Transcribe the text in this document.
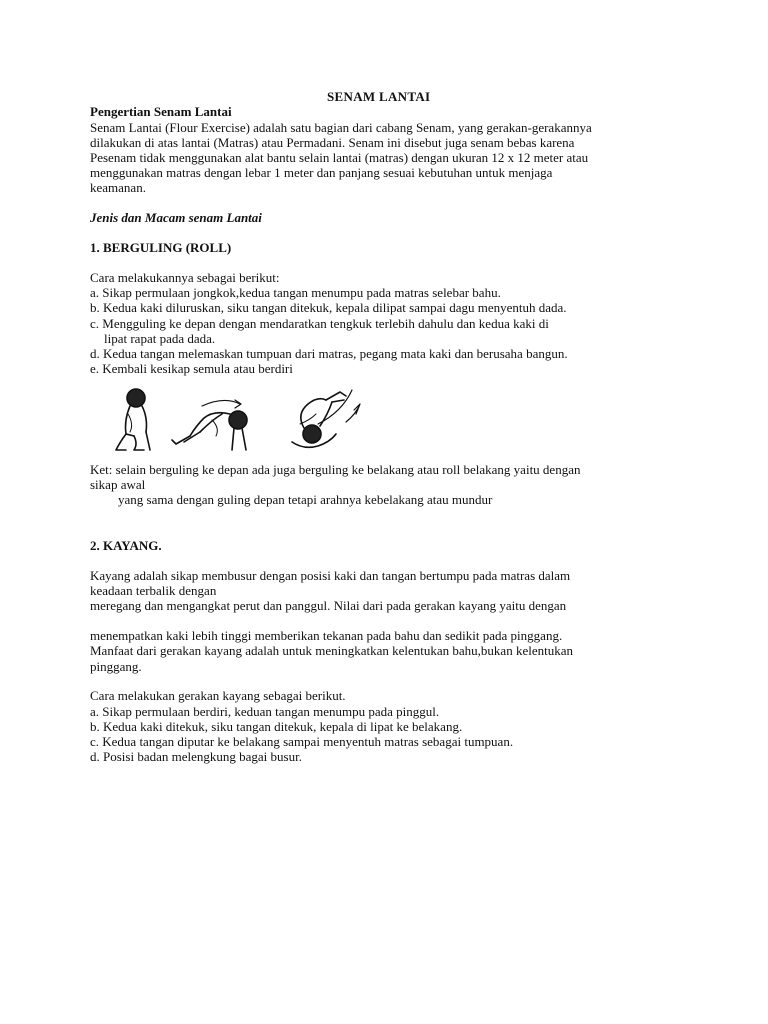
SENAM LANTAI
Pengertian Senam Lantai
Senam Lantai (Flour Exercise) adalah satu bagian dari cabang Senam, yang gerakan-gerakannya
dilakukan di atas lantai (Matras) atau Permadani. Senam ini disebut juga senam bebas karena
Pesenam tidak menggunakan alat bantu selain lantai (matras) dengan ukuran 12 x 12 meter atau
menggunakan matras dengan lebar 1 meter dan panjang sesuai kebutuhan untuk menjaga
keamanan.
Jenis dan Macam senam Lantai
1. BERGULING (ROLL)
Cara melakukannya sebagai berikut:
a. Sikap permulaan jongkok,kedua tangan menumpu pada matras selebar bahu.
b. Kedua kaki diluruskan, siku tangan ditekuk, kepala dilipat sampai dagu menyentuh dada.
c. Mengguling ke depan dengan mendaratkan tengkuk terlebih dahulu dan kedua kaki di
lipat rapat pada dada.
d. Kedua tangan melemaskan tumpuan dari matras, pegang mata kaki dan berusaha bangun.
e. Kembali kesikap semula atau berdiri
Ket: selain berguling ke depan ada juga berguling ke belakang atau roll belakang yaitu dengan
sikap awal
yang sama dengan guling depan tetapi arahnya kebelakang atau mundur
2. KAYANG.
Kayang adalah sikap membusur dengan posisi kaki dan tangan bertumpu pada matras dalam
keadaan terbalik dengan
meregang dan mengangkat perut dan panggul. Nilai dari pada gerakan kayang yaitu dengan
menempatkan kaki lebih tinggi memberikan tekanan pada bahu dan sedikit pada pinggang.
Manfaat dari gerakan kayang adalah untuk meningkatkan kelentukan bahu,bukan kelentukan
pinggang.
Cara melakukan gerakan kayang sebagai berikut.
a. Sikap permulaan berdiri, keduan tangan menumpu pada pinggul.
b. Kedua kaki ditekuk, siku tangan ditekuk, kepala di lipat ke belakang.
c. Kedua tangan diputar ke belakang sampai menyentuh matras sebagai tumpuan.
d. Posisi badan melengkung bagai busur.
